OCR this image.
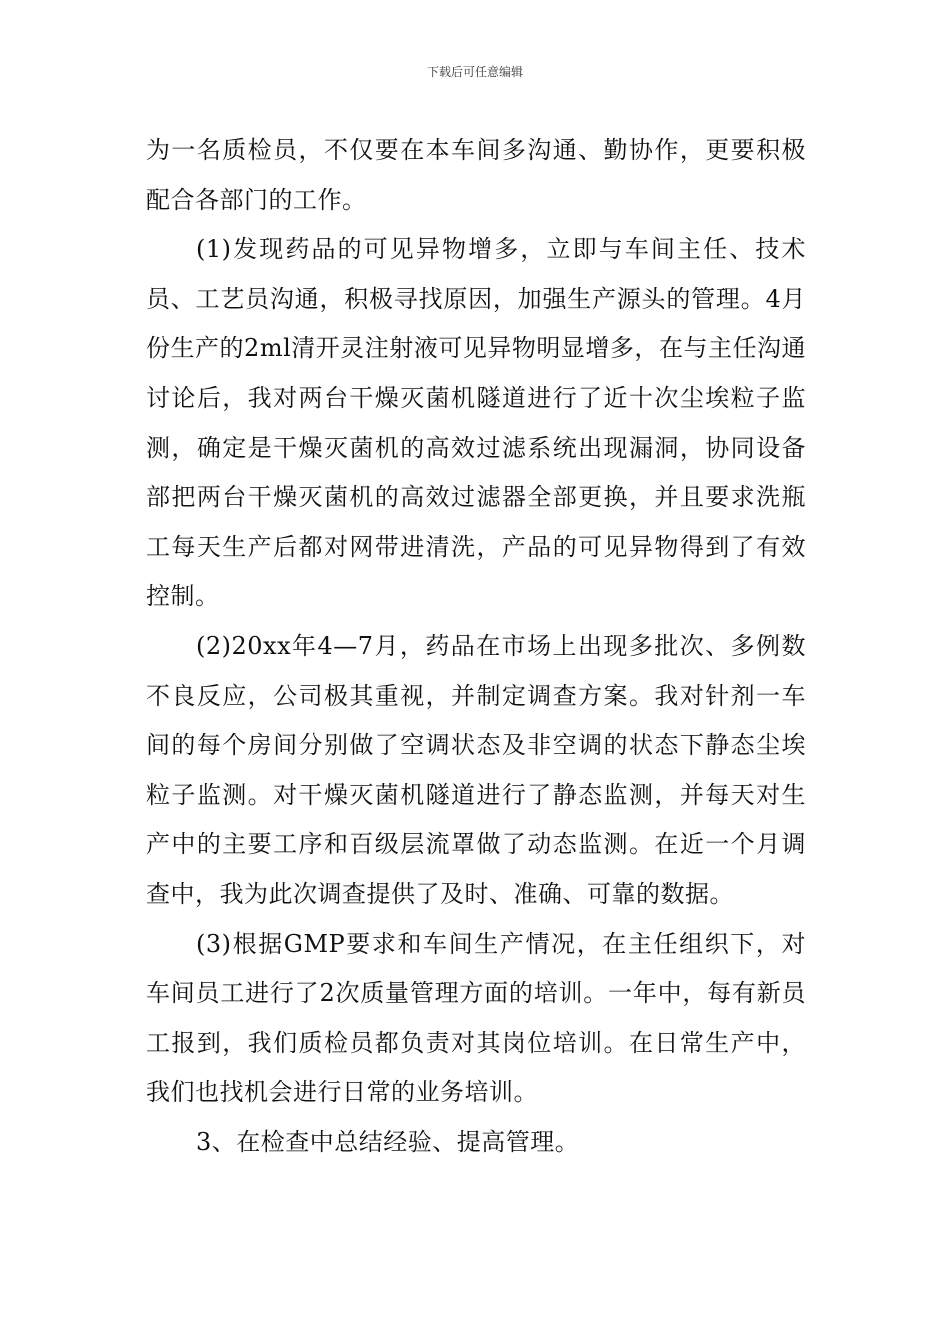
下载后可任意编辑

为一名质检员，不仅要在本车间多沟通、勤协作，更要积极配合各部门的工作。

(1)发现药品的可见异物增多，立即与车间主任、技术员、工艺员沟通，积极寻找原因，加强生产源头的管理。4月份生产的2ml清开灵注射液可见异物明显增多，在与主任沟通讨论后，我对两台干燥灭菌机隧道进行了近十次尘埃粒子监测，确定是干燥灭菌机的高效过滤系统出现漏洞，协同设备部把两台干燥灭菌机的高效过滤器全部更换，并且要求洗瓶工每天生产后都对网带进清洗，产品的可见异物得到了有效控制。

(2)20xx年4—7月，药品在市场上出现多批次、多例数不良反应，公司极其重视，并制定调查方案。我对针剂一车间的每个房间分别做了空调状态及非空调的状态下静态尘埃粒子监测。对干燥灭菌机隧道进行了静态监测，并每天对生产中的主要工序和百级层流罩做了动态监测。在近一个月调查中，我为此次调查提供了及时、准确、可靠的数据。

(3)根据GMP要求和车间生产情况，在主任组织下，对车间员工进行了2次质量管理方面的培训。一年中，每有新员工报到，我们质检员都负责对其岗位培训。在日常生产中，我们也找机会进行日常的业务培训。

3、在检查中总结经验、提高管理。
